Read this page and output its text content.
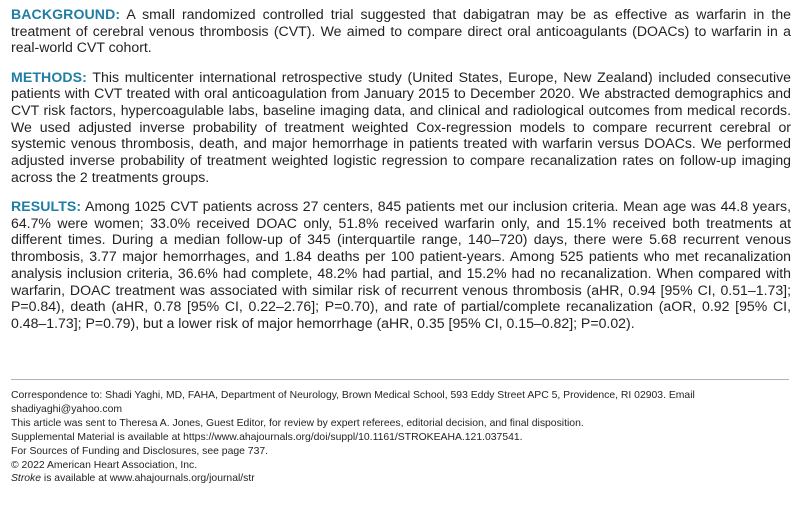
BACKGROUND: A small randomized controlled trial suggested that dabigatran may be as effective as warfarin in the treatment of cerebral venous thrombosis (CVT). We aimed to compare direct oral anticoagulants (DOACs) to warfarin in a real-world CVT cohort.

METHODS: This multicenter international retrospective study (United States, Europe, New Zealand) included consecutive patients with CVT treated with oral anticoagulation from January 2015 to December 2020. We abstracted demographics and CVT risk factors, hypercoagulable labs, baseline imaging data, and clinical and radiological outcomes from medical records. We used adjusted inverse probability of treatment weighted Cox-regression models to compare recurrent cerebral or systemic venous thrombosis, death, and major hemorrhage in patients treated with warfarin versus DOACs. We performed adjusted inverse probability of treatment weighted logistic regression to compare recanalization rates on follow-up imaging across the 2 treatments groups.

RESULTS: Among 1025 CVT patients across 27 centers, 845 patients met our inclusion criteria. Mean age was 44.8 years, 64.7% were women; 33.0% received DOAC only, 51.8% received warfarin only, and 15.1% received both treatments at different times. During a median follow-up of 345 (interquartile range, 140–720) days, there were 5.68 recurrent venous thrombosis, 3.77 major hemorrhages, and 1.84 deaths per 100 patient-years. Among 525 patients who met recanalization analysis inclusion criteria, 36.6% had complete, 48.2% had partial, and 15.2% had no recanalization. When compared with warfarin, DOAC treatment was associated with similar risk of recurrent venous thrombosis (aHR, 0.94 [95% CI, 0.51–1.73]; P=0.84), death (aHR, 0.78 [95% CI, 0.22–2.76]; P=0.70), and rate of partial/complete recanalization (aOR, 0.92 [95% CI, 0.48–1.73]; P=0.79), but a lower risk of major hemorrhage (aHR, 0.35 [95% CI, 0.15–0.82]; P=0.02).

Correspondence to: Shadi Yaghi, MD, FAHA, Department of Neurology, Brown Medical School, 593 Eddy Street APC 5, Providence, RI 02903. Email shadiyaghi@yahoo.com

This article was sent to Theresa A. Jones, Guest Editor, for review by expert referees, editorial decision, and final disposition.

Supplemental Material is available at https://www.ahajournals.org/doi/suppl/10.1161/STROKEAHA.121.037541.

For Sources of Funding and Disclosures, see page 737.

© 2022 American Heart Association, Inc.

Stroke is available at www.ahajournals.org/journal/str
